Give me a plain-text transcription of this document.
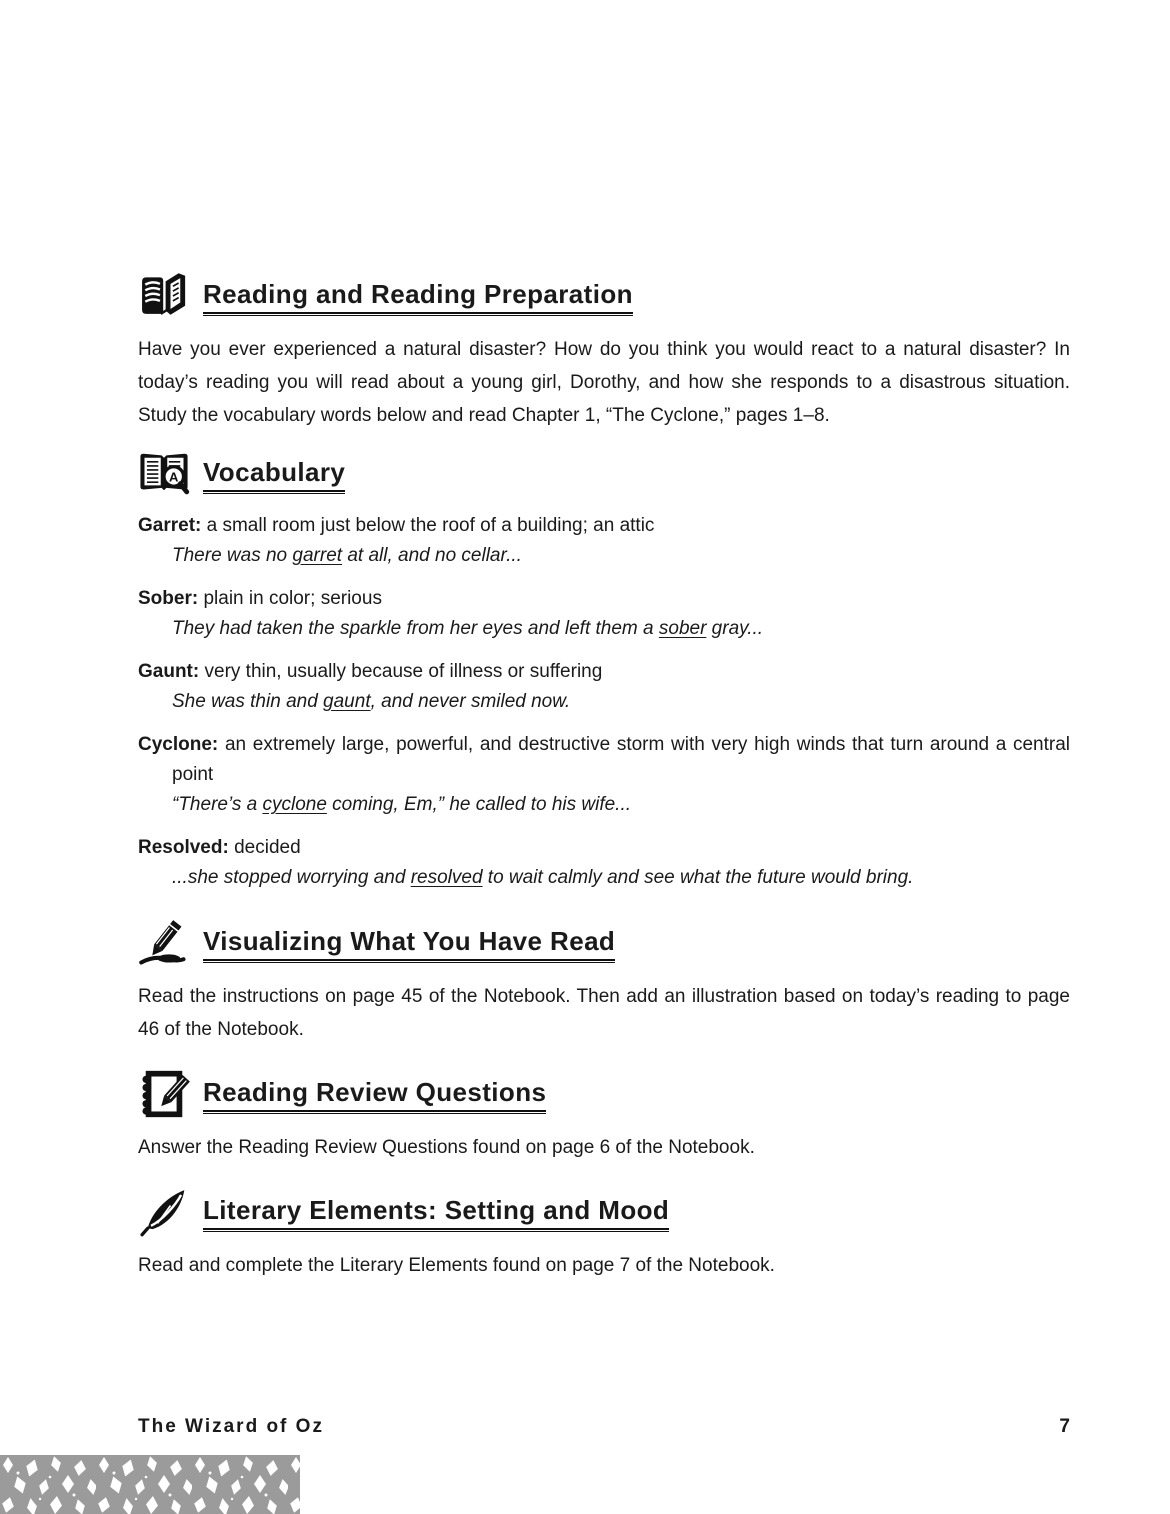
Reading and Reading Preparation

Have you ever experienced a natural disaster? How do you think you would react to a natural disaster? In today’s reading you will read about a young girl, Dorothy, and how she responds to a disastrous situation. Study the vocabulary words below and read Chapter 1, “The Cyclone,” pages 1–8.

A Vocabulary
Garret: a small room just below the roof of a building; an attic
There was no garret at all, and no cellar...
Sober: plain in color; serious
They had taken the sparkle from her eyes and left them a sober gray...
Gaunt: very thin, usually because of illness or suffering
She was thin and gaunt, and never smiled now.
Cyclone: an extremely large, powerful, and destructive storm with very high winds that turn around a central point
“There’s a cyclone coming, Em,” he called to his wife...
Resolved: decided
...she stopped worrying and resolved to wait calmly and see what the future would bring.
Visualizing What You Have Read

Read the instructions on page 45 of the Notebook. Then add an illustration based on today’s reading to page 46 of the Notebook.

Reading Review Questions

Answer the Reading Review Questions found on page 6 of the Notebook.

Literary Elements: Setting and Mood

Read and complete the Literary Elements found on page 7 of the Notebook.

The Wizard of Oz	7
